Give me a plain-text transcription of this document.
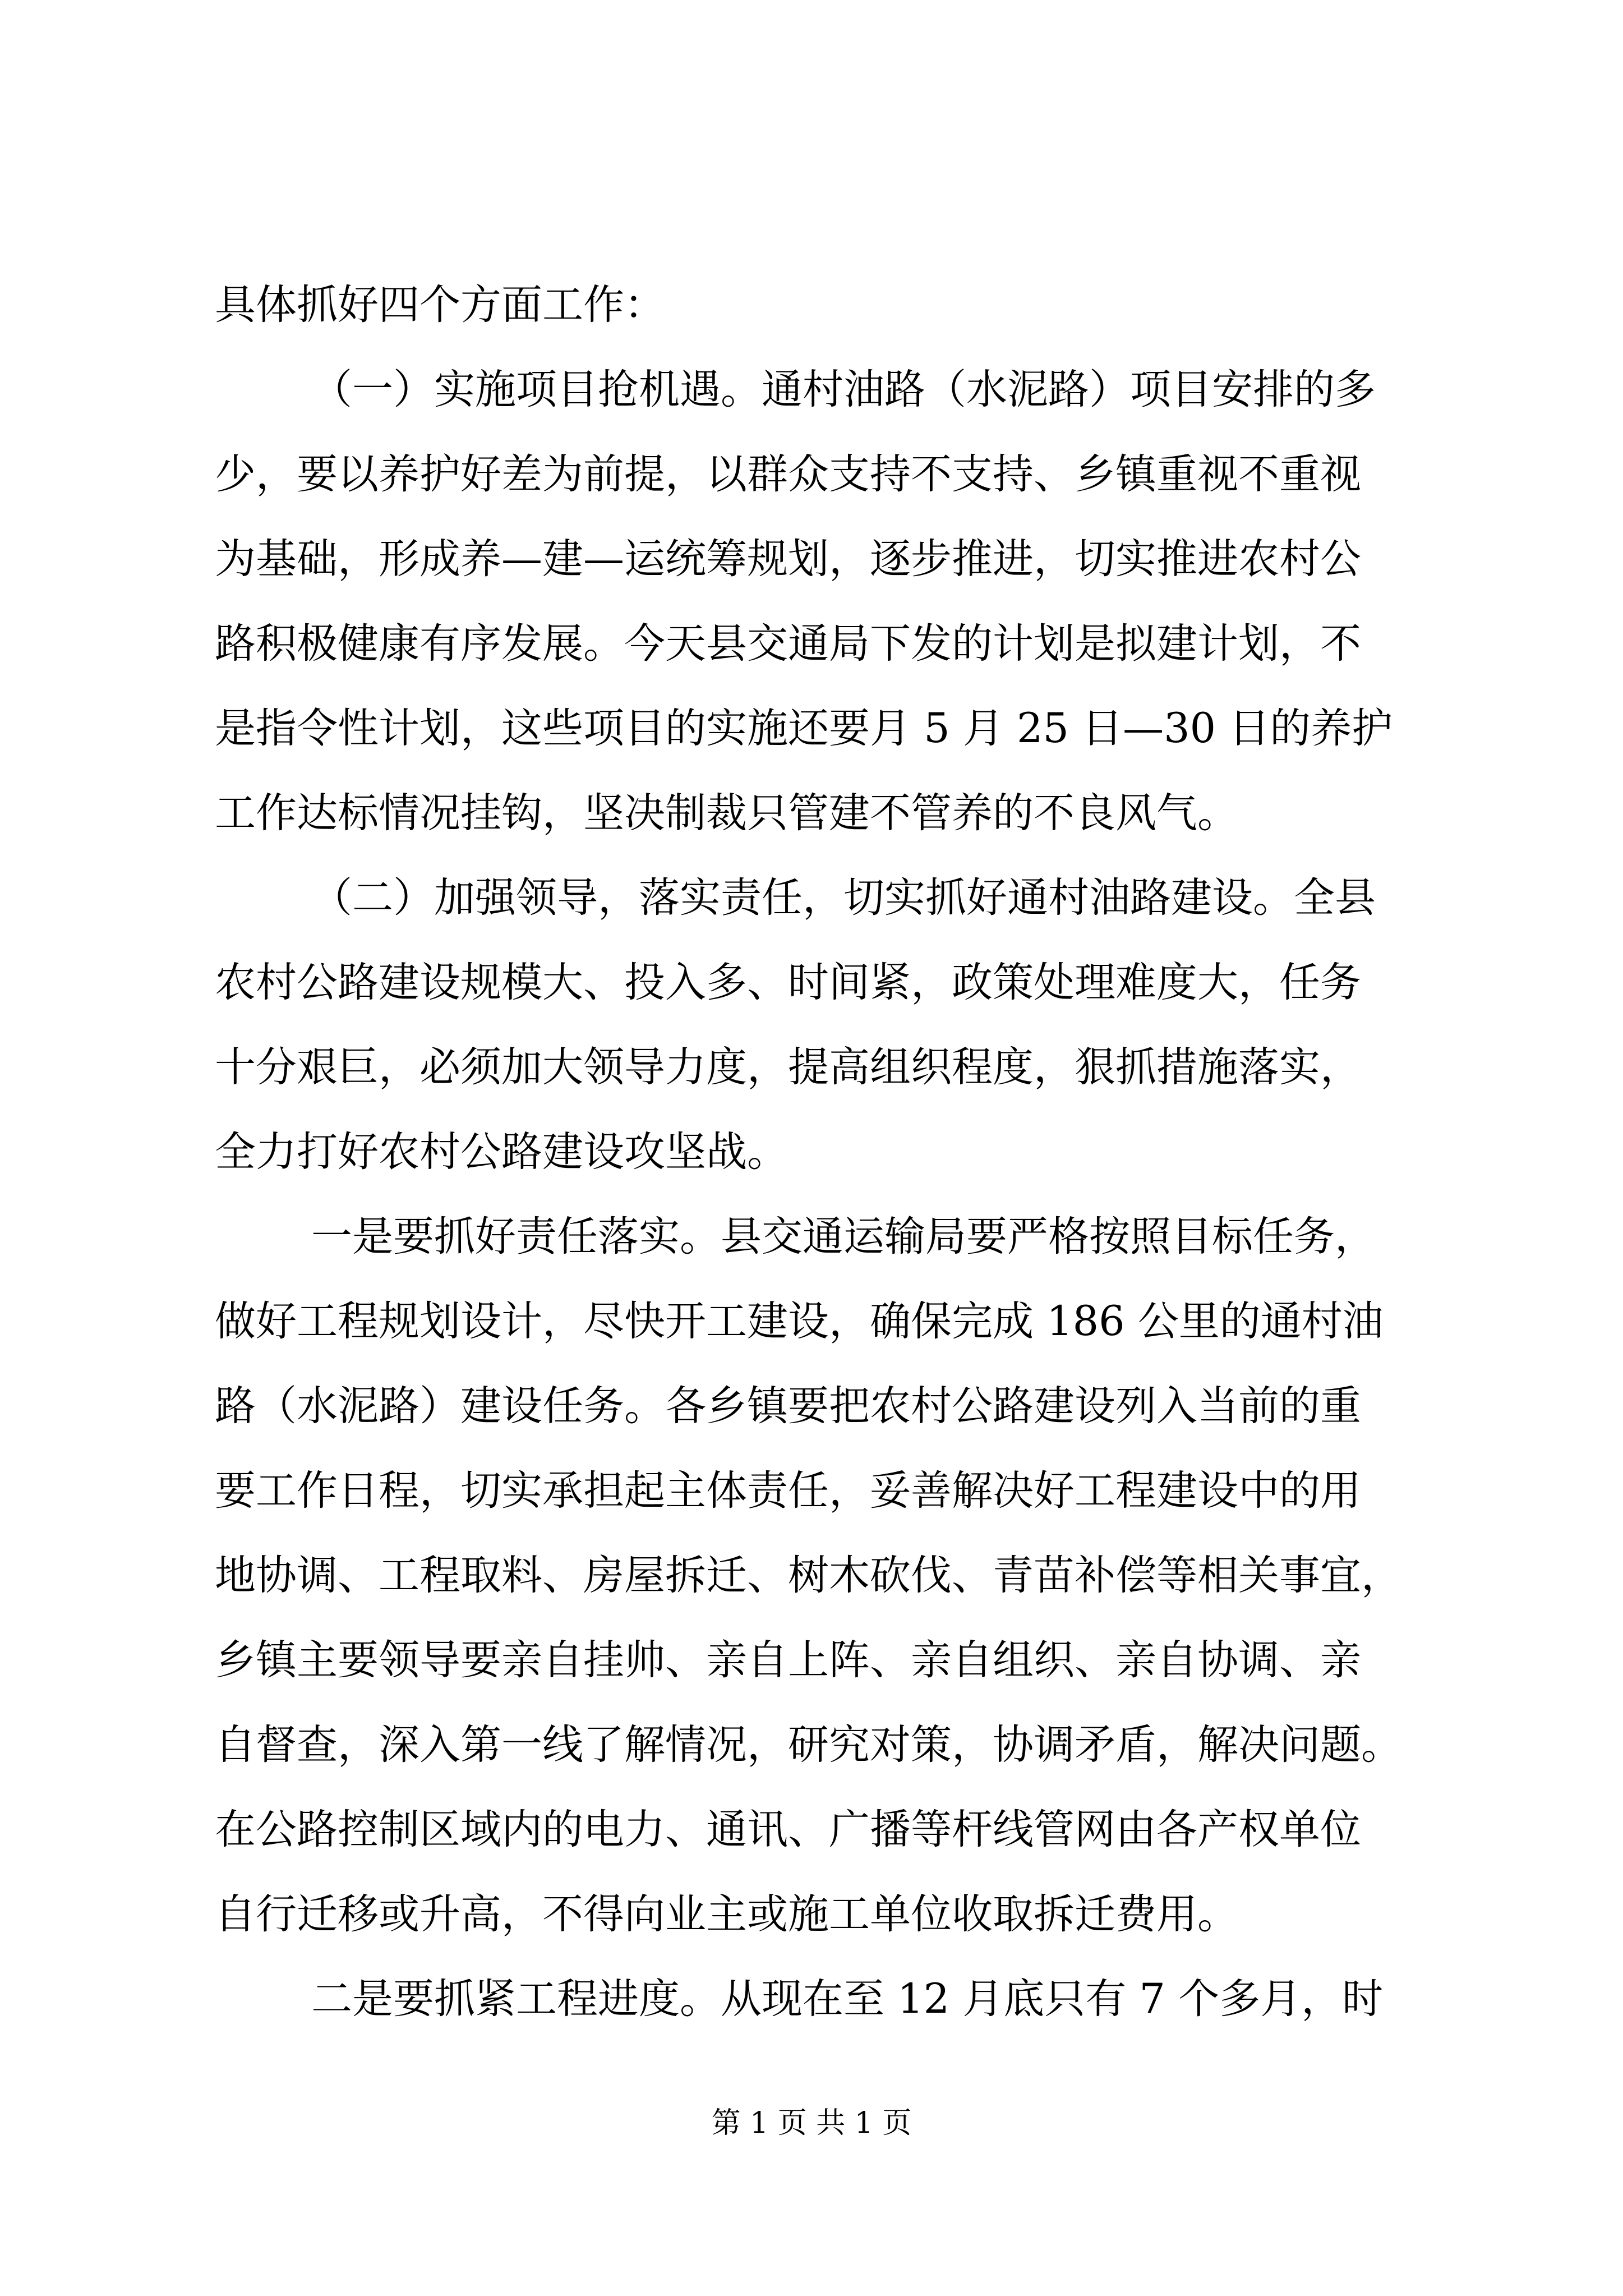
具体抓好四个方面工作：
（一）实施项目抢机遇。通村油路（水泥路）项目安排的多
少，要以养护好差为前提，以群众支持不支持、乡镇重视不重视
为基础，形成养—建—运统筹规划，逐步推进，切实推进农村公
路积极健康有序发展。今天县交通局下发的计划是拟建计划，不
是指令性计划，这些项目的实施还要月 5 月 25 日—30 日的养护
工作达标情况挂钩，坚决制裁只管建不管养的不良风气。
（二）加强领导，落实责任，切实抓好通村油路建设。全县
农村公路建设规模大、投入多、时间紧，政策处理难度大，任务
十分艰巨，必须加大领导力度，提高组织程度，狠抓措施落实，
全力打好农村公路建设攻坚战。
一是要抓好责任落实。县交通运输局要严格按照目标任务，
做好工程规划设计，尽快开工建设，确保完成 186 公里的通村油
路（水泥路）建设任务。各乡镇要把农村公路建设列入当前的重
要工作日程，切实承担起主体责任，妥善解决好工程建设中的用
地协调、工程取料、房屋拆迁、树木砍伐、青苗补偿等相关事宜，
乡镇主要领导要亲自挂帅、亲自上阵、亲自组织、亲自协调、亲
自督查，深入第一线了解情况，研究对策，协调矛盾，解决问题。
在公路控制区域内的电力、通讯、广播等杆线管网由各产权单位
自行迁移或升高，不得向业主或施工单位收取拆迁费用。
二是要抓紧工程进度。从现在至 12 月底只有 7 个多月，时
第 1 页 共 1 页
